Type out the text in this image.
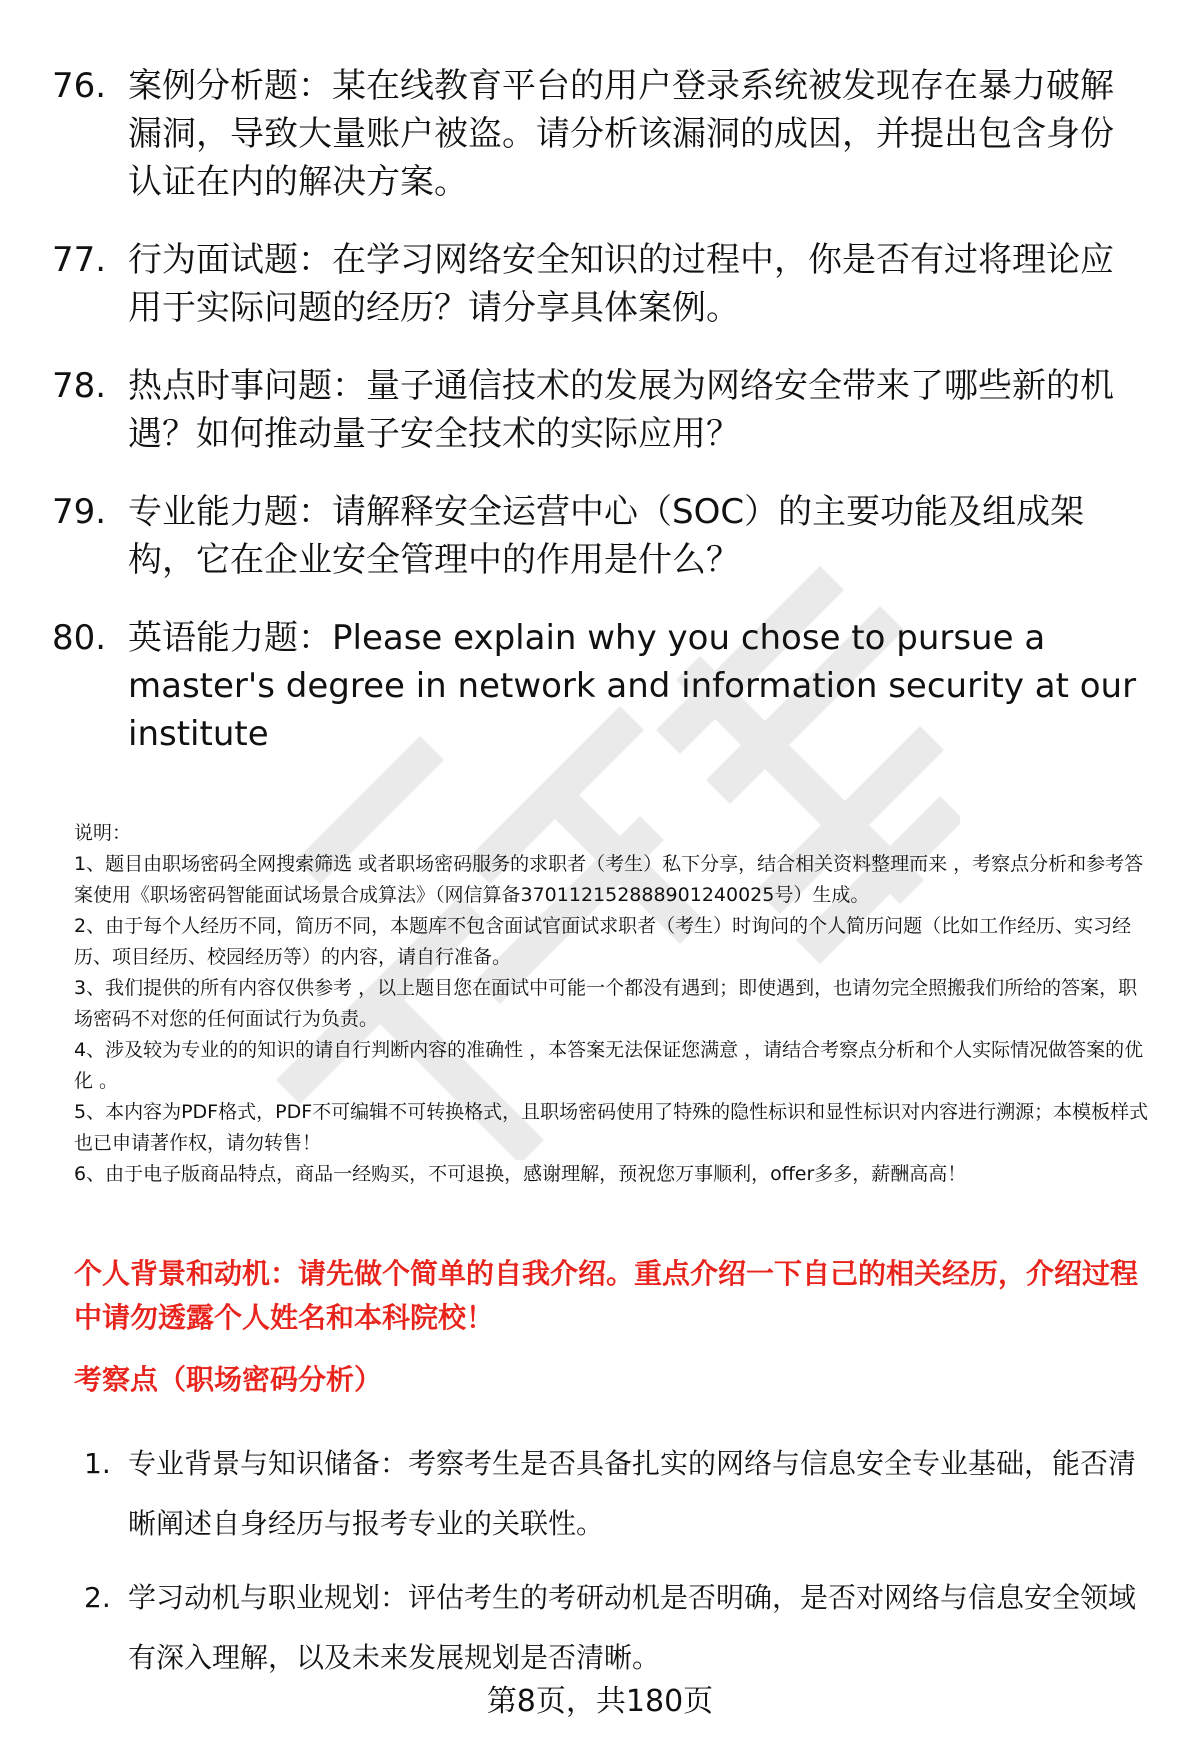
76. 案例分析题：某在线教育平台的用户登录系统被发现存在暴力破解漏洞，导致大量账户被盗。请分析该漏洞的成因，并提出包含身份认证在内的解决方案。
77. 行为面试题：在学习网络安全知识的过程中，你是否有过将理论应用于实际问题的经历？请分享具体案例。
78. 热点时事问题：量子通信技术的发展为网络安全带来了哪些新的机遇？如何推动量子安全技术的实际应用？
79. 专业能力题：请解释安全运营中心（SOC）的主要功能及组成架构，它在企业安全管理中的作用是什么？
80. 英语能力题：Please explain why you chose to pursue a master's degree in network and information security at our institute

说明：

1、题目由职场密码全网搜索筛选 或者职场密码服务的求职者（考生）私下分享，结合相关资料整理而来 ，考察点分析和参考答案使用《职场密码智能面试场景合成算法》（网信算备370112152888901240025号）生成。

2、由于每个人经历不同，简历不同，本题库不包含面试官面试求职者（考生）时询问的个人简历问题（比如工作经历、实习经历、项目经历、校园经历等）的内容，请自行准备。

3、我们提供的所有内容仅供参考 ，以上题目您在面试中可能一个都没有遇到；即使遇到，也请勿完全照搬我们所给的答案，职场密码不对您的任何面试行为负责。

4、涉及较为专业的的知识的请自行判断内容的准确性 ，本答案无法保证您满意 ，请结合考察点分析和个人实际情况做答案的优化 。

5、本内容为PDF格式，PDF不可编辑不可转换格式，且职场密码使用了特殊的隐性标识和显性标识对内容进行溯源；本模板样式也已申请著作权，请勿转售！

6、由于电子版商品特点，商品一经购买，不可退换，感谢理解，预祝您万事顺利，offer多多，薪酬高高！

个人背景和动机：请先做个简单的自我介绍。重点介绍一下自己的相关经历，介绍过程中请勿透露个人姓名和本科院校！
考察点（职场密码分析）
1. 专业背景与知识储备：考察考生是否具备扎实的网络与信息安全专业基础，能否清晰阐述自身经历与报考专业的关联性。
2. 学习动机与职业规划：评估考生的考研动机是否明确，是否对网络与信息安全领域有深入理解，以及未来发展规划是否清晰。
第8页，共180页
